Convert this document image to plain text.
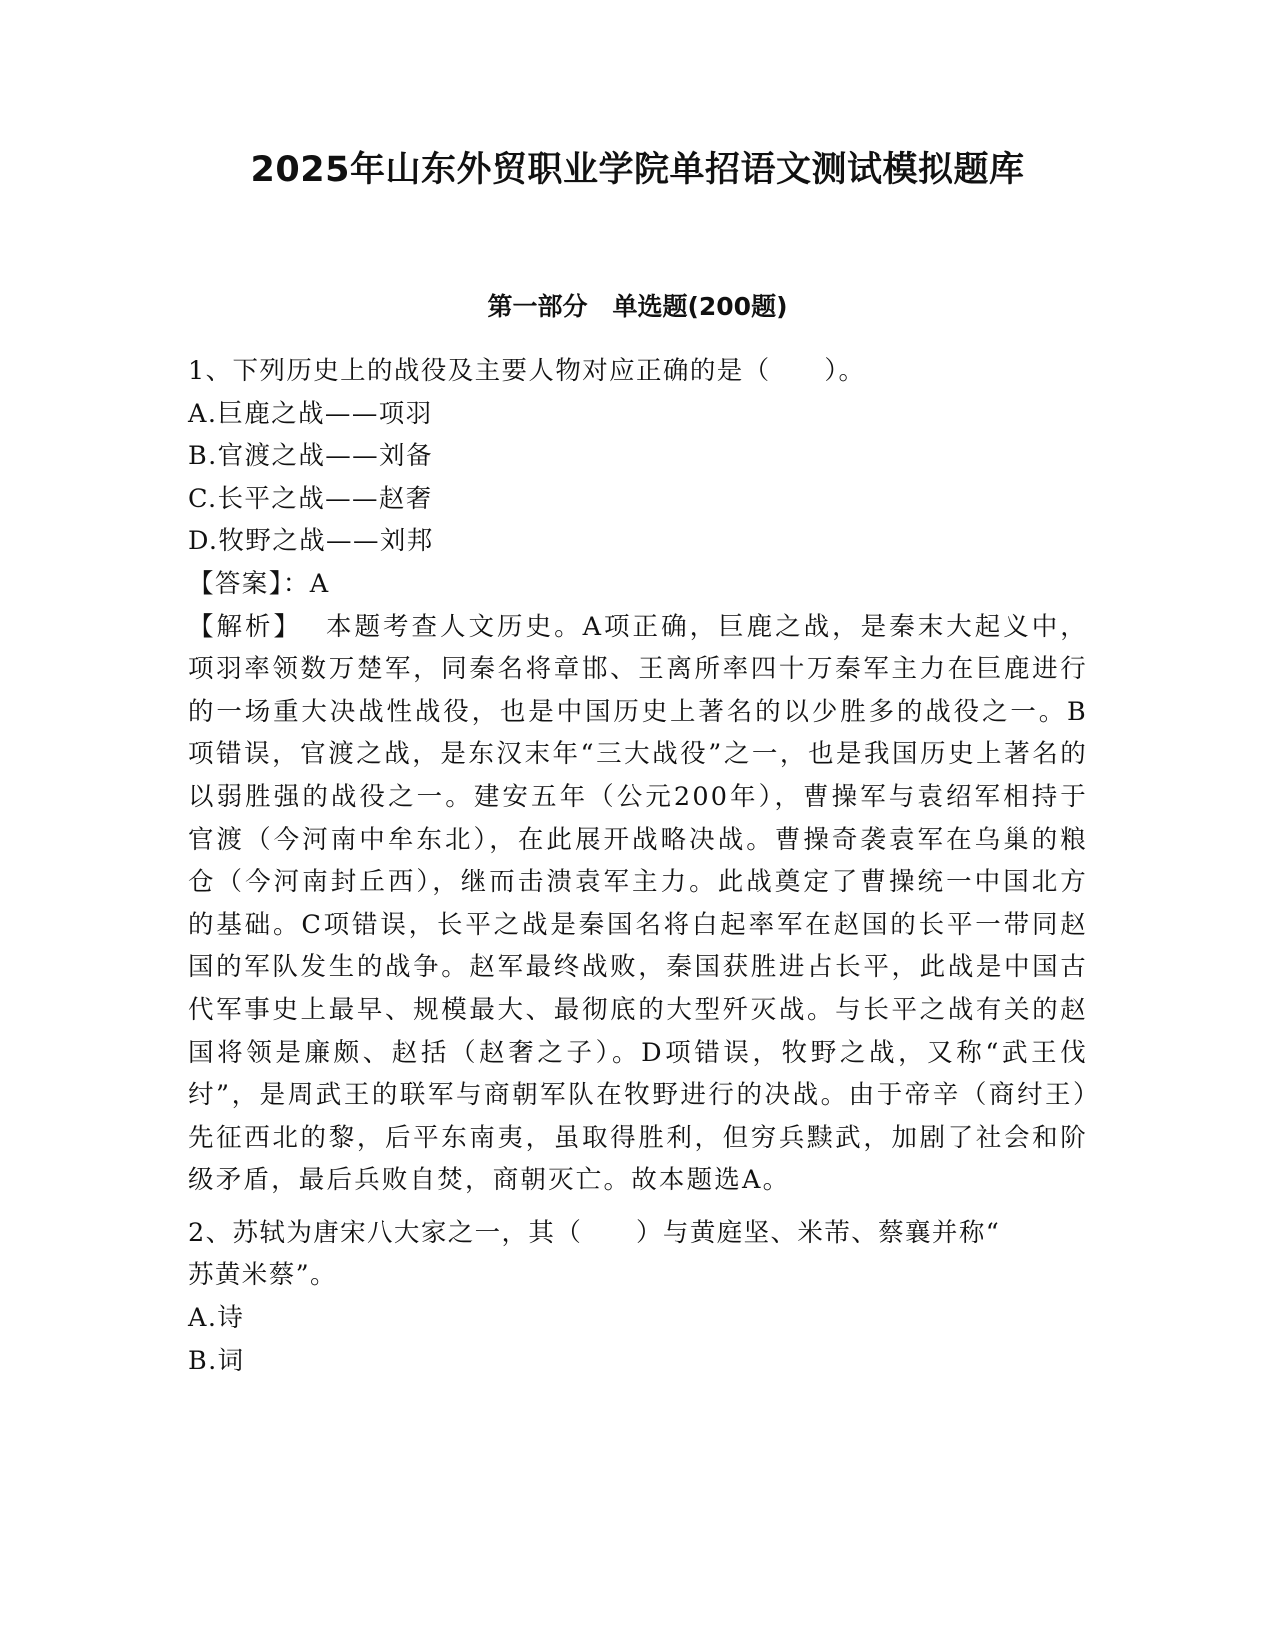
2025年山东外贸职业学院单招语文测试模拟题库
第一部分　单选题(200题)
1、下列历史上的战役及主要人物对应正确的是（　　）。
A.巨鹿之战——项羽
B.官渡之战——刘备
C.长平之战——赵奢
D.牧野之战——刘邦
【答案】：A
【解析】　  本题考查人文历史。A项正确，巨鹿之战，是秦末大起义中，项羽率领数万楚军，同秦名将章邯、王离所率四十万秦军主力在巨鹿进行的一场重大决战性战役，也是中国历史上著名的以少胜多的战役之一。B项错误，官渡之战，是东汉末年“三大战役”之一，也是我国历史上著名的以弱胜强的战役之一。建安五年（公元200年），曹操军与袁绍军相持于官渡（今河南中牟东北），在此展开战略决战。曹操奇袭袁军在乌巢的粮仓（今河南封丘西），继而击溃袁军主力。此战奠定了曹操统一中国北方的基础。C项错误，长平之战是秦国名将白起率军在赵国的长平一带同赵国的军队发生的战争。赵军最终战败，秦国获胜进占长平，此战是中国古代军事史上最早、规模最大、最彻底的大型歼灭战。与长平之战有关的赵国将领是廉颇、赵括（赵奢之子）。D项错误，牧野之战，又称“武王伐纣”，是周武王的联军与商朝军队在牧野进行的决战。由于帝辛（商纣王）先征西北的黎，后平东南夷，虽取得胜利，但穷兵黩武，加剧了社会和阶级矛盾，最后兵败自焚，商朝灭亡。故本题选A。
2、苏轼为唐宋八大家之一，其（　　）与黄庭坚、米芾、蔡襄并称“
苏黄米蔡”。
A.诗
B.词
